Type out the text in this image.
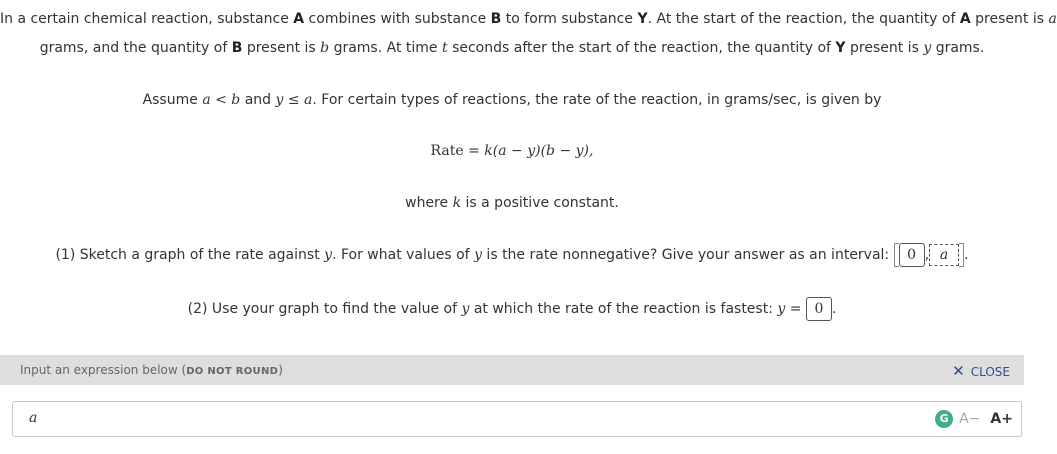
In a certain chemical reaction, substance A combines with substance B to form substance Y. At the start of the reaction, the quantity of A present is a
grams, and the quantity of B present is b grams. At time t seconds after the start of the reaction, the quantity of Y present is y grams.
Assume a < b and y ≤ a. For certain types of reactions, the rate of the reaction, in grams/sec, is given by
Rate = k(a − y)(b − y),
where k is a positive constant.
(1) Sketch a graph of the rate against y. For what values of y is the rate nonnegative? Give your answer as an interval: 0 , a .
(2) Use your graph to find the value of y at which the rate of the reaction is fastest: y = 0 .
Input an expression below (DO NOT ROUND)	✕ CLOSE
a	G A− A+
